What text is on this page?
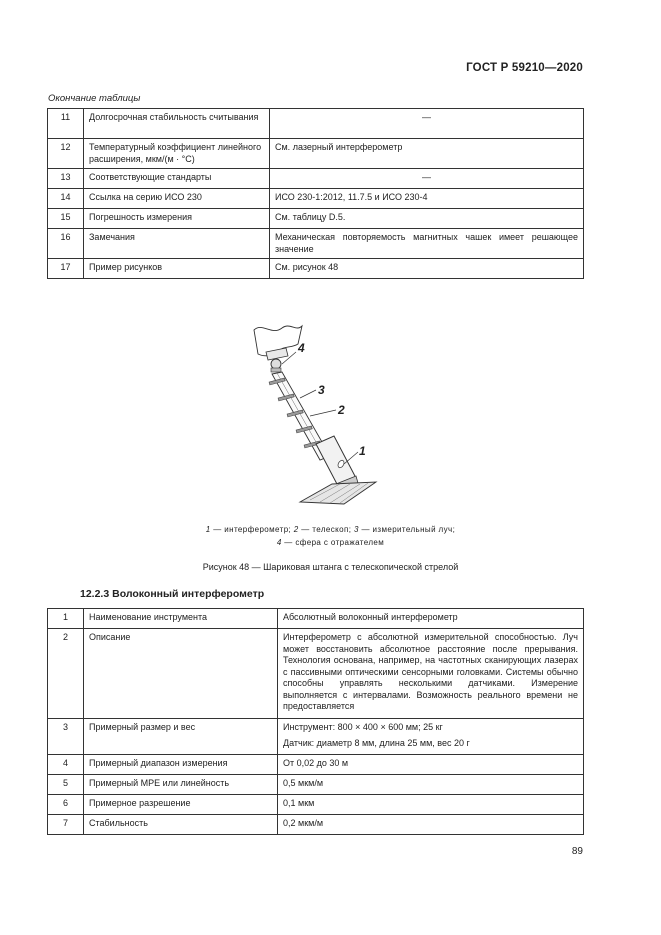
ГОСТ Р 59210—2020
Окончание таблицы
11	Долгосрочная стабильность считывания	—
12	Температурный коэффициент линейного расширения, мкм/(м · °С)	См. лазерный интерферометр
13	Соответствующие стандарты	—
14	Ссылка на серию ИСО 230	ИСО 230-1:2012, 11.7.5 и ИСО 230-4
15	Погрешность измерения	См. таблицу D.5.
16	Замечания	Механическая повторяемость магнитных чашек имеет решающее значение
17	Пример рисунков	См. рисунок 48
4
3
2
1
1 — интерферометр; 2 — телескоп; 3 — измерительный луч;
4 — сфера с отражателем
Рисунок 48 — Шариковая штанга с телескопической стрелой
12.2.3 Волоконный интерферометр
1	Наименование инструмента	Абсолютный волоконный интерферометр
2	Описание	Интерферометр с абсолютной измерительной способностью. Луч может восстановить абсолютное расстояние после прерывания. Технология основана, например, на частотных сканирующих лазерах с пассивными оптическими сенсорными головками. Системы обычно способны управлять несколькими датчиками. Измерение выполняется с интервалами. Возможность реального времени не предоставляется
3	Примерный размер и вес	Инструмент: 800 × 400 × 600 мм; 25 кг
Датчик: диаметр 8 мм, длина 25 мм, вес 20 г

4	Примерный диапазон измерения	От 0,02 до 30 м
5	Примерный MPE или линейность	0,5 мкм/м
6	Примерное разрешение	0,1 мкм
7	Стабильность	0,2 мкм/м
89
